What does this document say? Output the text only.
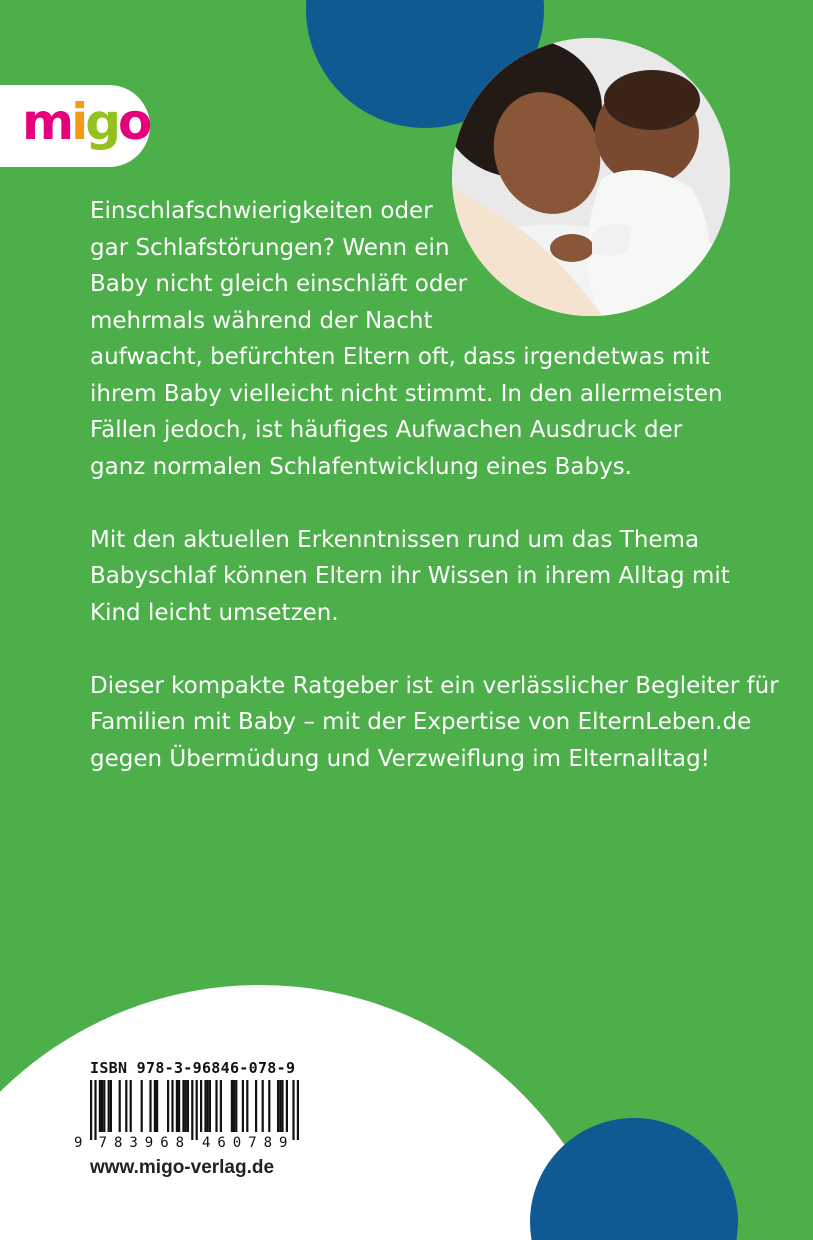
migo

Einschlafschwierigkeiten oder
gar Schlafstörungen? Wenn ein
Baby nicht gleich einschläft oder
mehrmals während der Nacht
aufwacht, befürchten Eltern oft, dass irgendetwas mit
ihrem Baby vielleicht nicht stimmt. In den allermeisten
Fällen jedoch, ist häufiges Aufwachen Ausdruck der
ganz normalen Schlafentwicklung eines Babys.

Mit den aktuellen Erkenntnissen rund um das Thema
Babyschlaf können Eltern ihr Wissen in ihrem Alltag mit
Kind leicht umsetzen.

Dieser kompakte Ratgeber ist ein verlässlicher Begleiter für
Familien mit Baby – mit der Expertise von ElternLeben.de
gegen Übermüdung und Verzweiflung im Elternalltag!

ISBN 978-3-96846-078-9
9 7 8 3 9 6 8 4 6 0 7 8 9
www.migo-verlag.de
